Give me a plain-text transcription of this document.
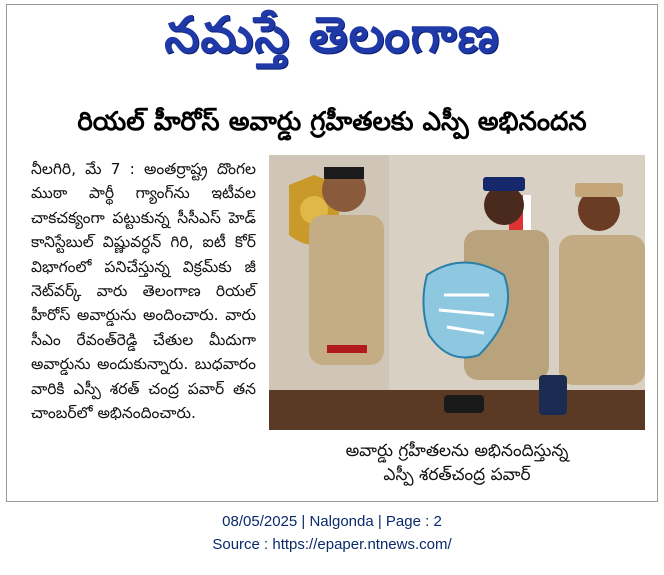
నమస్తే తెలంగాణ
రియల్ హీరోస్ అవార్డు గ్రహీతలకు ఎస్పీ అభినందన
నీలగిరి, మే 7 : అంతర్రాష్ట్ర దొంగల ముఠా పార్థీ గ్యాంగ్‌ను ఇటీవల చాకచక్యంగా పట్టుకున్న సీసీఎస్ హెడ్ కానిస్టేబుల్ విష్ణువర్ధన్ గిరి, ఐటీ కోర్ విభాగంలో పనిచేస్తున్న విక్రమ్‌కు జీ నెట్‌వర్క్ వారు తెలంగాణ రియల్ హీరోస్ అవార్డును అందించారు. వారు సీఎం రేవంత్‌రెడ్డి చేతుల మీదుగా అవార్డును అందుకున్నారు. బుధవారం వారికి ఎస్పీ శరత్ చంద్ర పవార్ తన చాంబర్‌లో అభినందించారు.
అవార్డు గ్రహీతలను అభినందిస్తున్న
ఎస్పీ శరత్‌చంద్ర పవార్
08/05/2025 | Nalgonda | Page : 2
Source : https://epaper.ntnews.com/
